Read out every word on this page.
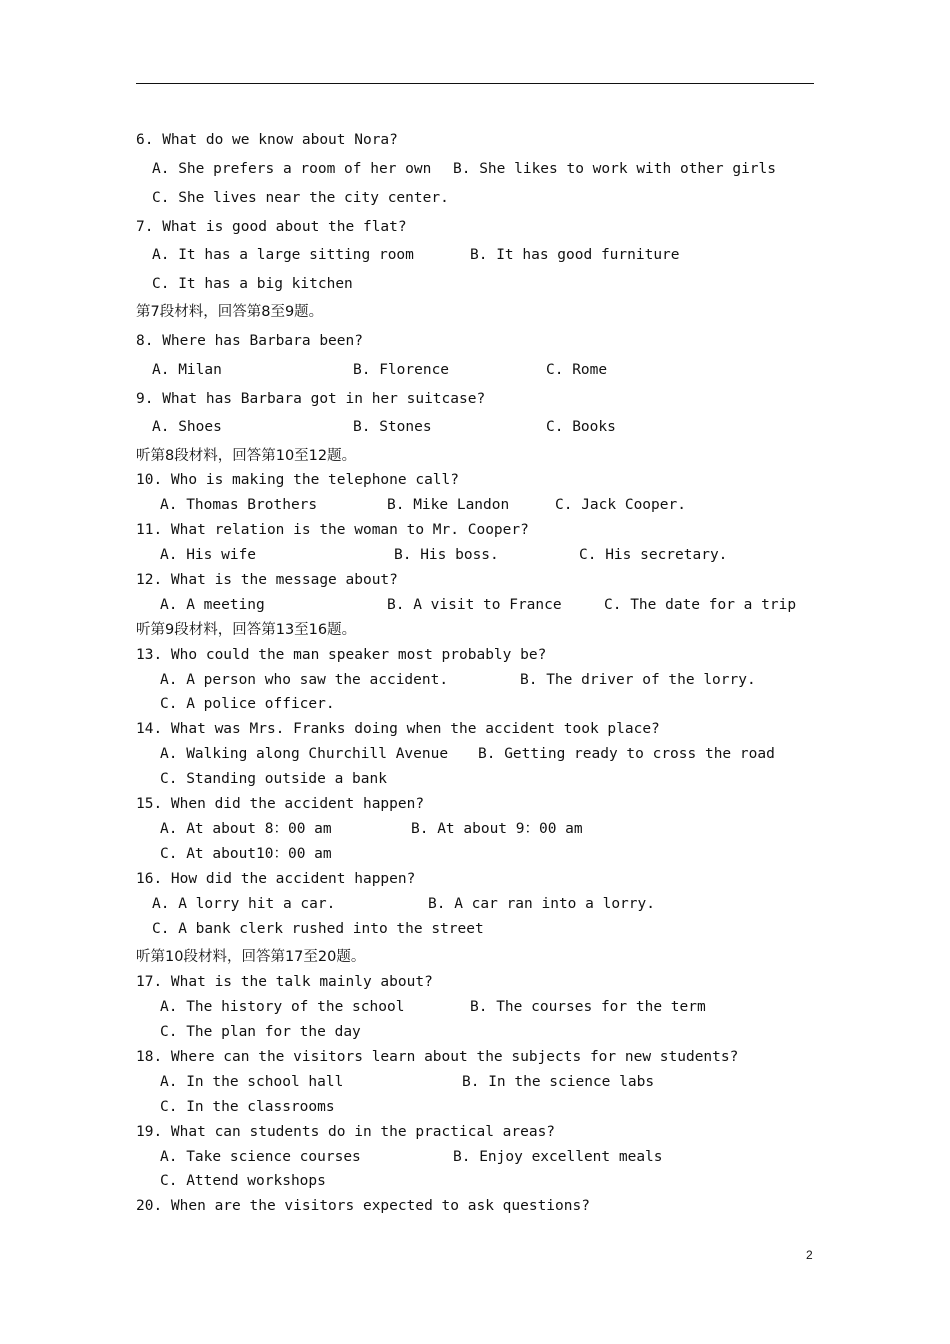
6. What do we know about Nora?
A. She prefers a room of her own B. She likes to work with other girls
C. She lives near the city center.
7. What is good about the flat?
A. It has a large sitting room	B. It has good furniture
C. It has a big kitchen
第7段材料，回答第8至9题。
8. Where has Barbara been?
A. Milan	B. Florence	C. Rome
9. What has Barbara got in her suitcase?
A. Shoes	B. Stones	C. Books
听第8段材料，回答第10至12题。
10. Who is making the telephone call?
A. Thomas Brothers	B. Mike Landon	C. Jack Cooper.
11. What relation is the woman to Mr. Cooper?
A. His wife	B. His boss.	C. His secretary.
12. What is the message about?
A. A meeting	B. A visit to France	C. The date for a trip
听第9段材料，回答第13至16题。
13. Who could the man speaker most probably be?
A. A person who saw the accident.	B. The driver of the lorry.
C. A police officer.
14. What was Mrs. Franks doing when the accident took place?
A. Walking along Churchill Avenue B. Getting ready to cross the road
C. Standing outside a bank
15. When did the accident happen?
A. At about 8：00 am	B. At about 9：00 am
C. At about10：00 am
16. How did the accident happen?
A. A lorry hit a car.	B. A car ran into a lorry.
C. A bank clerk rushed into the street
听第10段材料，回答第17至20题。
17. What is the talk mainly about?
A. The history of the school	B. The courses for the term
C. The plan for the day
18. Where can the visitors learn about the subjects for new students?
A. In the school hall	B. In the science labs
C. In the classrooms
19. What can students do in the practical areas?
A. Take science courses	B. Enjoy excellent meals
C. Attend workshops
20. When are the visitors expected to ask questions?
2
